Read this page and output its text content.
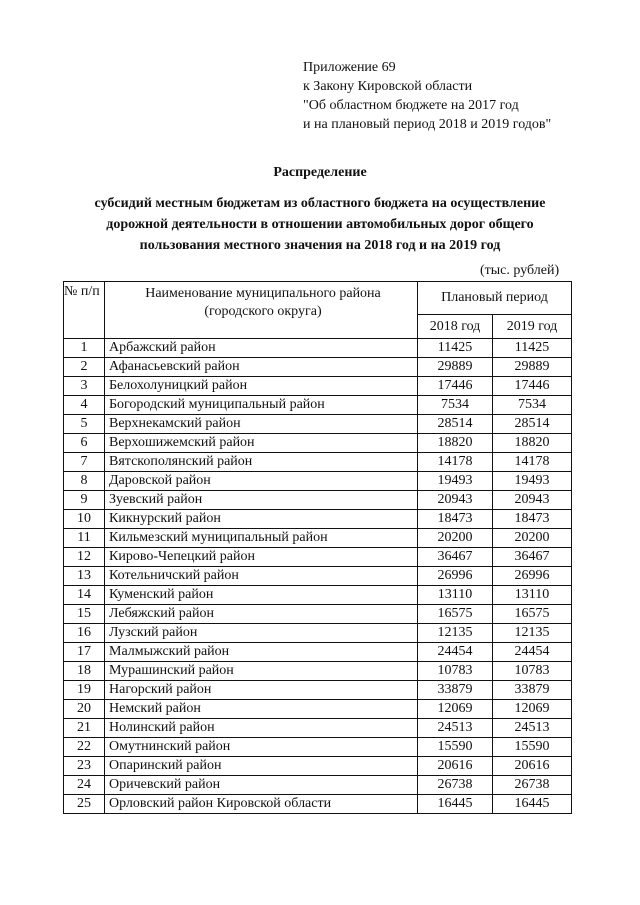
Приложение 69
к Закону Кировской области
"Об областном бюджете на 2017 год
и на плановый период 2018 и 2019 годов"
Распределение
субсидий местным бюджетам из областного бюджета на осуществление
дорожной деятельности в отношении автомобильных дорог общего
пользования местного значения на 2018 год и на 2019 год
(тыс. рублей)
№ п/п	Наименование муниципального района
(городского округа)	Плановый период	
		2018 год	2019 год
1	Арбажский район	11425	11425
2	Афанасьевский район	29889	29889
3	Белохолуницкий район	17446	17446
4	Богородский муниципальный район	7534	7534
5	Верхнекамский район	28514	28514
6	Верхошижемский район	18820	18820
7	Вятскополянский район	14178	14178
8	Даровской район	19493	19493
9	Зуевский район	20943	20943
10	Кикнурский район	18473	18473
11	Кильмезский муниципальный район	20200	20200
12	Кирово-Чепецкий район	36467	36467
13	Котельничский район	26996	26996
14	Куменский район	13110	13110
15	Лебяжский район	16575	16575
16	Лузский район	12135	12135
17	Малмыжский район	24454	24454
18	Мурашинский район	10783	10783
19	Нагорский район	33879	33879
20	Немский район	12069	12069
21	Нолинский район	24513	24513
22	Омутнинский район	15590	15590
23	Опаринский район	20616	20616
24	Оричевский район	26738	26738
25	Орловский район Кировской области	16445	16445
